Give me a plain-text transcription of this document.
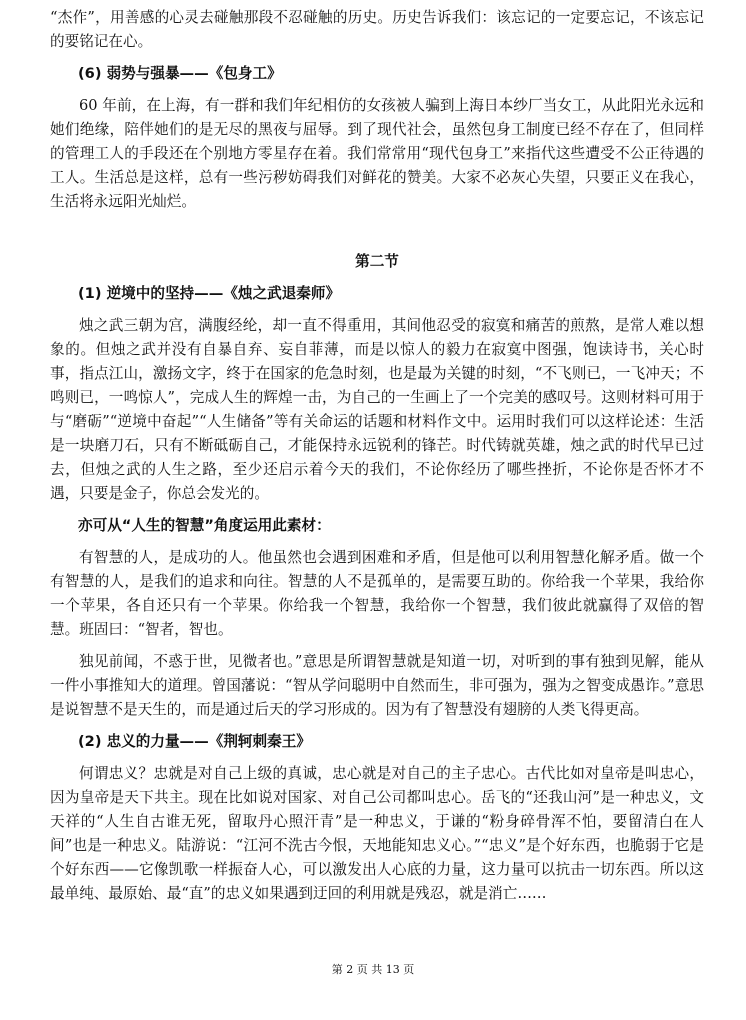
“杰作”，用善感的心灵去碰触那段不忍碰触的历史。历史告诉我们：该忘记的一定要忘记，不该忘记的要铭记在心。

(6) 弱势与强暴——《包身工》

60 年前，在上海，有一群和我们年纪相仿的女孩被人骗到上海日本纱厂当女工，从此阳光永远和她们绝缘，陪伴她们的是无尽的黑夜与屈辱。到了现代社会，虽然包身工制度已经不存在了，但同样的管理工人的手段还在个别地方零星存在着。我们常常用“现代包身工”来指代这些遭受不公正待遇的工人。生活总是这样，总有一些污秽妨碍我们对鲜花的赞美。大家不必灰心失望，只要正义在我心，生活将永远阳光灿烂。

第二节

(1) 逆境中的坚持——《烛之武退秦师》

烛之武三朝为宫，满腹经纶，却一直不得重用，其间他忍受的寂寞和痛苦的煎熬，是常人难以想象的。但烛之武并没有自暴自弃、妄自菲薄，而是以惊人的毅力在寂寞中图强，饱读诗书，关心时事，指点江山，激扬文字，终于在国家的危急时刻，也是最为关键的时刻，“不飞则已，一飞冲天；不鸣则已，一鸣惊人”，完成人生的辉煌一击，为自己的一生画上了一个完美的感叹号。这则材料可用于与“磨砺”“逆境中奋起”“人生储备”等有关命运的话题和材料作文中。运用时我们可以这样论述：生活是一块磨刀石，只有不断砥砺自己，才能保持永远锐利的锋芒。时代铸就英雄，烛之武的时代早已过去，但烛之武的人生之路，至少还启示着今天的我们，不论你经历了哪些挫折，不论你是否怀才不遇，只要是金子，你总会发光的。

亦可从“人生的智慧”角度运用此素材：

有智慧的人，是成功的人。他虽然也会遇到困难和矛盾，但是他可以利用智慧化解矛盾。做一个有智慧的人，是我们的追求和向往。智慧的人不是孤单的，是需要互助的。你给我一个苹果，我给你一个苹果，各自还只有一个苹果。你给我一个智慧，我给你一个智慧，我们彼此就赢得了双倍的智慧。班固曰：“智者，智也。

独见前闻，不惑于世，见微者也。”意思是所谓智慧就是知道一切，对听到的事有独到见解，能从一件小事推知大的道理。曾国藩说：“智从学问聪明中自然而生，非可强为，强为之智变成愚诈。”意思是说智慧不是天生的，而是通过后天的学习形成的。因为有了智慧没有翅膀的人类飞得更高。

(2) 忠义的力量——《荆轲刺秦王》

何谓忠义？忠就是对自己上级的真诚，忠心就是对自己的主子忠心。古代比如对皇帝是叫忠心，因为皇帝是天下共主。现在比如说对国家、对自己公司都叫忠心。岳飞的“还我山河”是一种忠义，文天祥的“人生自古谁无死，留取丹心照汗青”是一种忠义，于谦的“粉身碎骨浑不怕，要留清白在人间”也是一种忠义。陆游说：“江河不洗古今恨，天地能知忠义心。”“忠义”是个好东西，也脆弱于它是个好东西——它像凯歌一样振奋人心，可以激发出人心底的力量，这力量可以抗击一切东西。所以这最单纯、最原始、最“直”的忠义如果遇到迂回的利用就是残忍，就是消亡……

第 2 页 共 13 页
